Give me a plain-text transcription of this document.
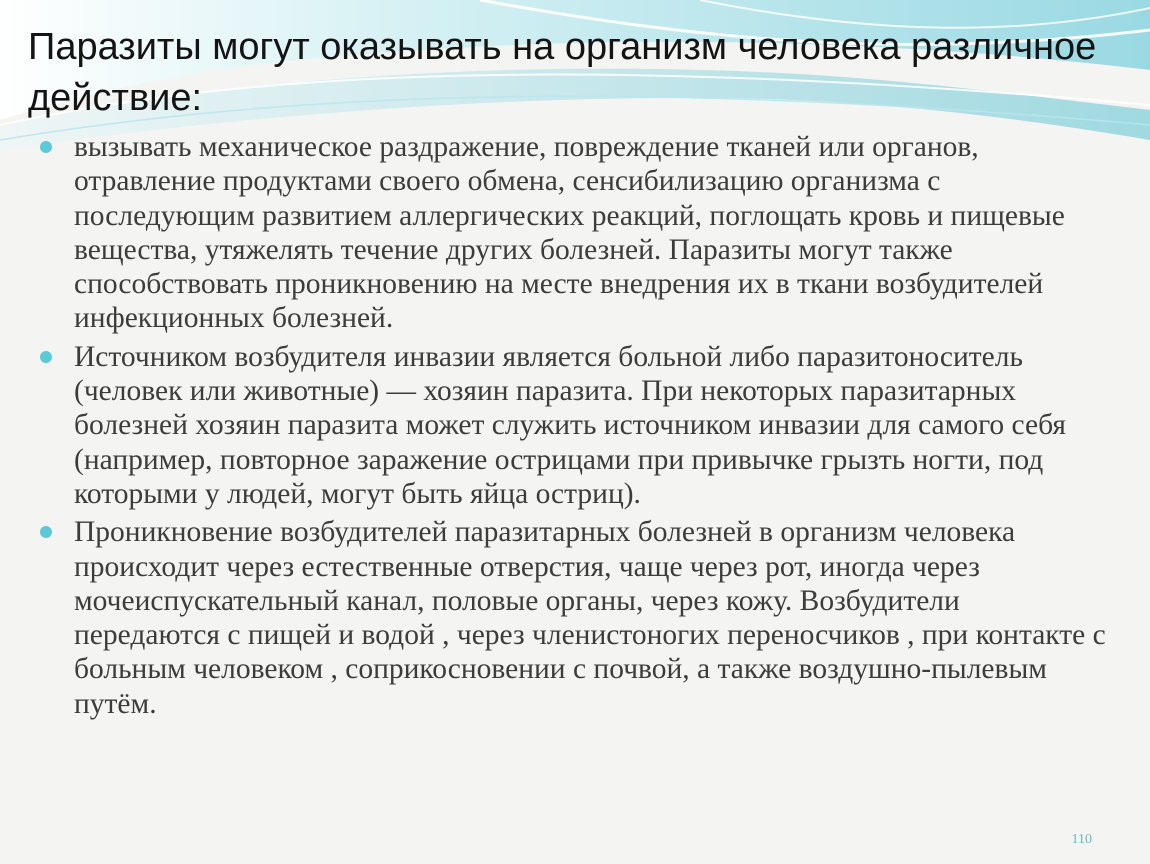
Паразиты могут оказывать на организм человека различное действие:
вызывать механическое раздражение, повреждение тканей или органов, отравление продуктами своего обмена, сенсибилизацию организма с последующим развитием аллергических реакций, поглощать кровь и пищевые вещества, утяжелять течение других болезней. Паразиты могут также способствовать проникновению на месте внедрения их в ткани возбудителей инфекционных болезней.
Источником возбудителя инвазии является больной либо паразитоноситель (человек или животные) — хозяин паразита. При некоторых паразитарных болезней хозяин паразита может служить источником инвазии для самого себя (например, повторное заражение острицами при привычке грызть ногти, под которыми у людей, могут быть яйца остриц).
Проникновение возбудителей паразитарных болезней в организм человека происходит через естественные отверстия, чаще через рот, иногда через мочеиспускательный канал, половые органы, через кожу. Возбудители передаются с пищей и водой , через членистоногих переносчиков , при контакте с больным человеком , соприкосновении с почвой, а также воздушно-пылевым путём.
110
